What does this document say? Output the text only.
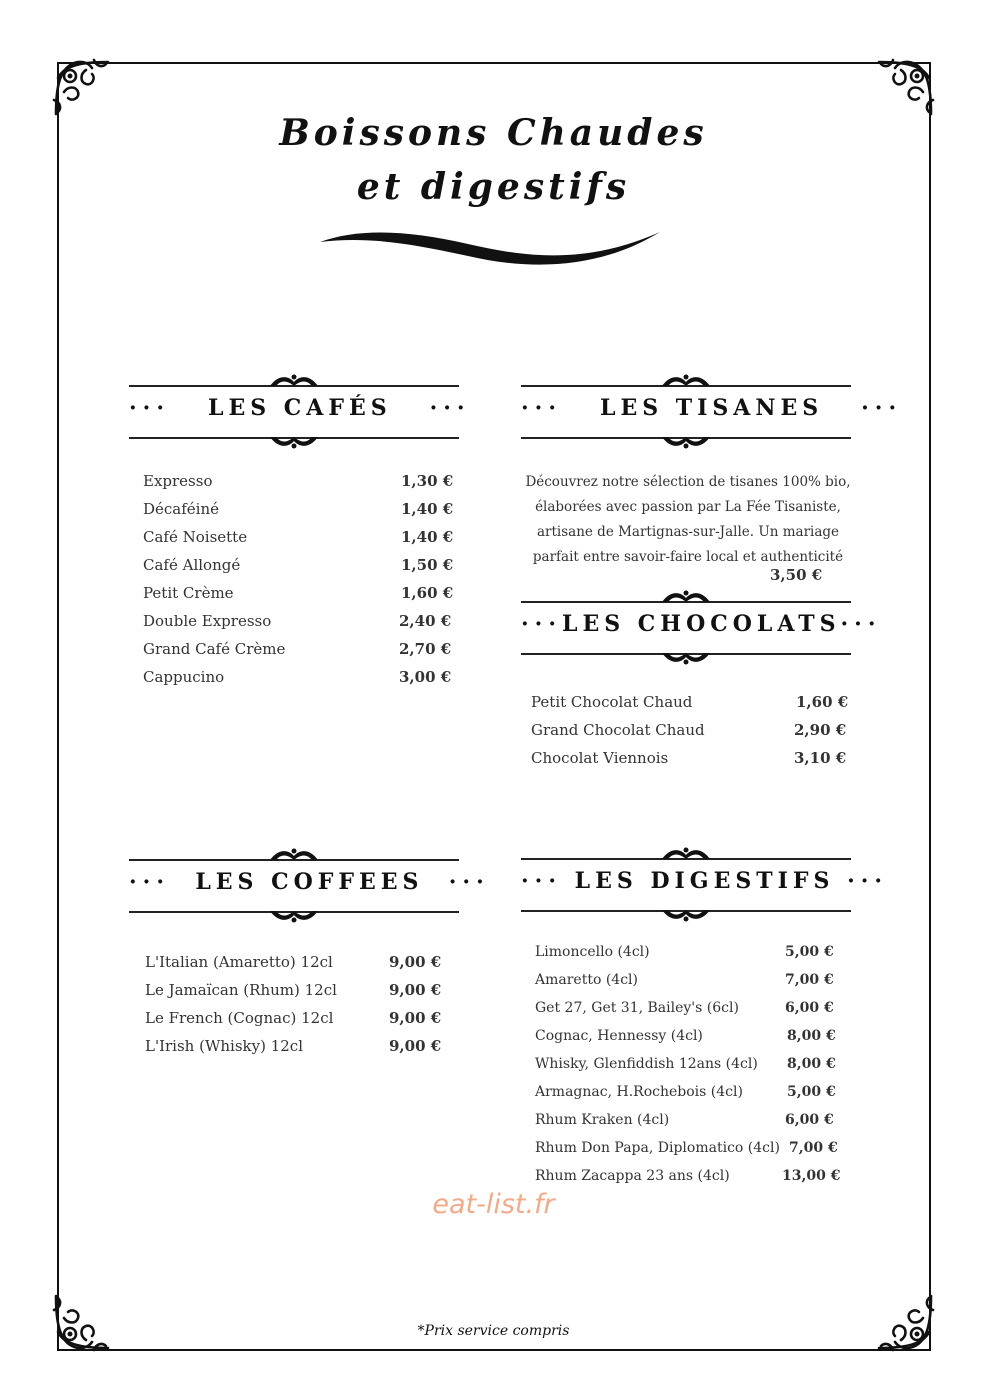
Boissons Chaudes
et digestifs
··· LES CAFÉS ···
Expresso	1,30 €
Décaféiné	1,40 €
Café Noisette	1,40 €
Café Allongé	1,50 €
Petit Crème	1,60 €
Double Expresso	2,40 €
Grand Café Crème	2,70 €
Cappucino	3,00 €
··· LES TISANES ···
Découvrez notre sélection de tisanes 100% bio, élaborées avec passion par La Fée Tisaniste, artisane de Martignas-sur-Jalle. Un mariage parfait entre savoir-faire local et authenticité
3,50 €
···LES CHOCOLATS···
Petit Chocolat Chaud	1,60 €
Grand Chocolat Chaud	2,90 €
Chocolat Viennois	3,10 €
··· LES COFFEES ···
L'Italian (Amaretto) 12cl	9,00 €
Le Jamaïcan (Rhum) 12cl	9,00 €
Le French (Cognac) 12cl	9,00 €
L'Irish (Whisky) 12cl	9,00 €
··· LES DIGESTIFS ···
Limoncello (4cl)	5,00 €
Amaretto (4cl)	7,00 €
Get 27, Get 31, Bailey's (6cl)	6,00 €
Cognac, Hennessy (4cl)	8,00 €
Whisky, Glenfiddish 12ans (4cl) 8,00 €
Armagnac, H.Rochebois (4cl)	5,00 €
Rhum Kraken (4cl)	6,00 €
Rhum Don Papa, Diplomatico (4cl) 7,00 €
Rhum Zacappa 23 ans (4cl)	13,00 €
eat-list.fr
*Prix service compris
